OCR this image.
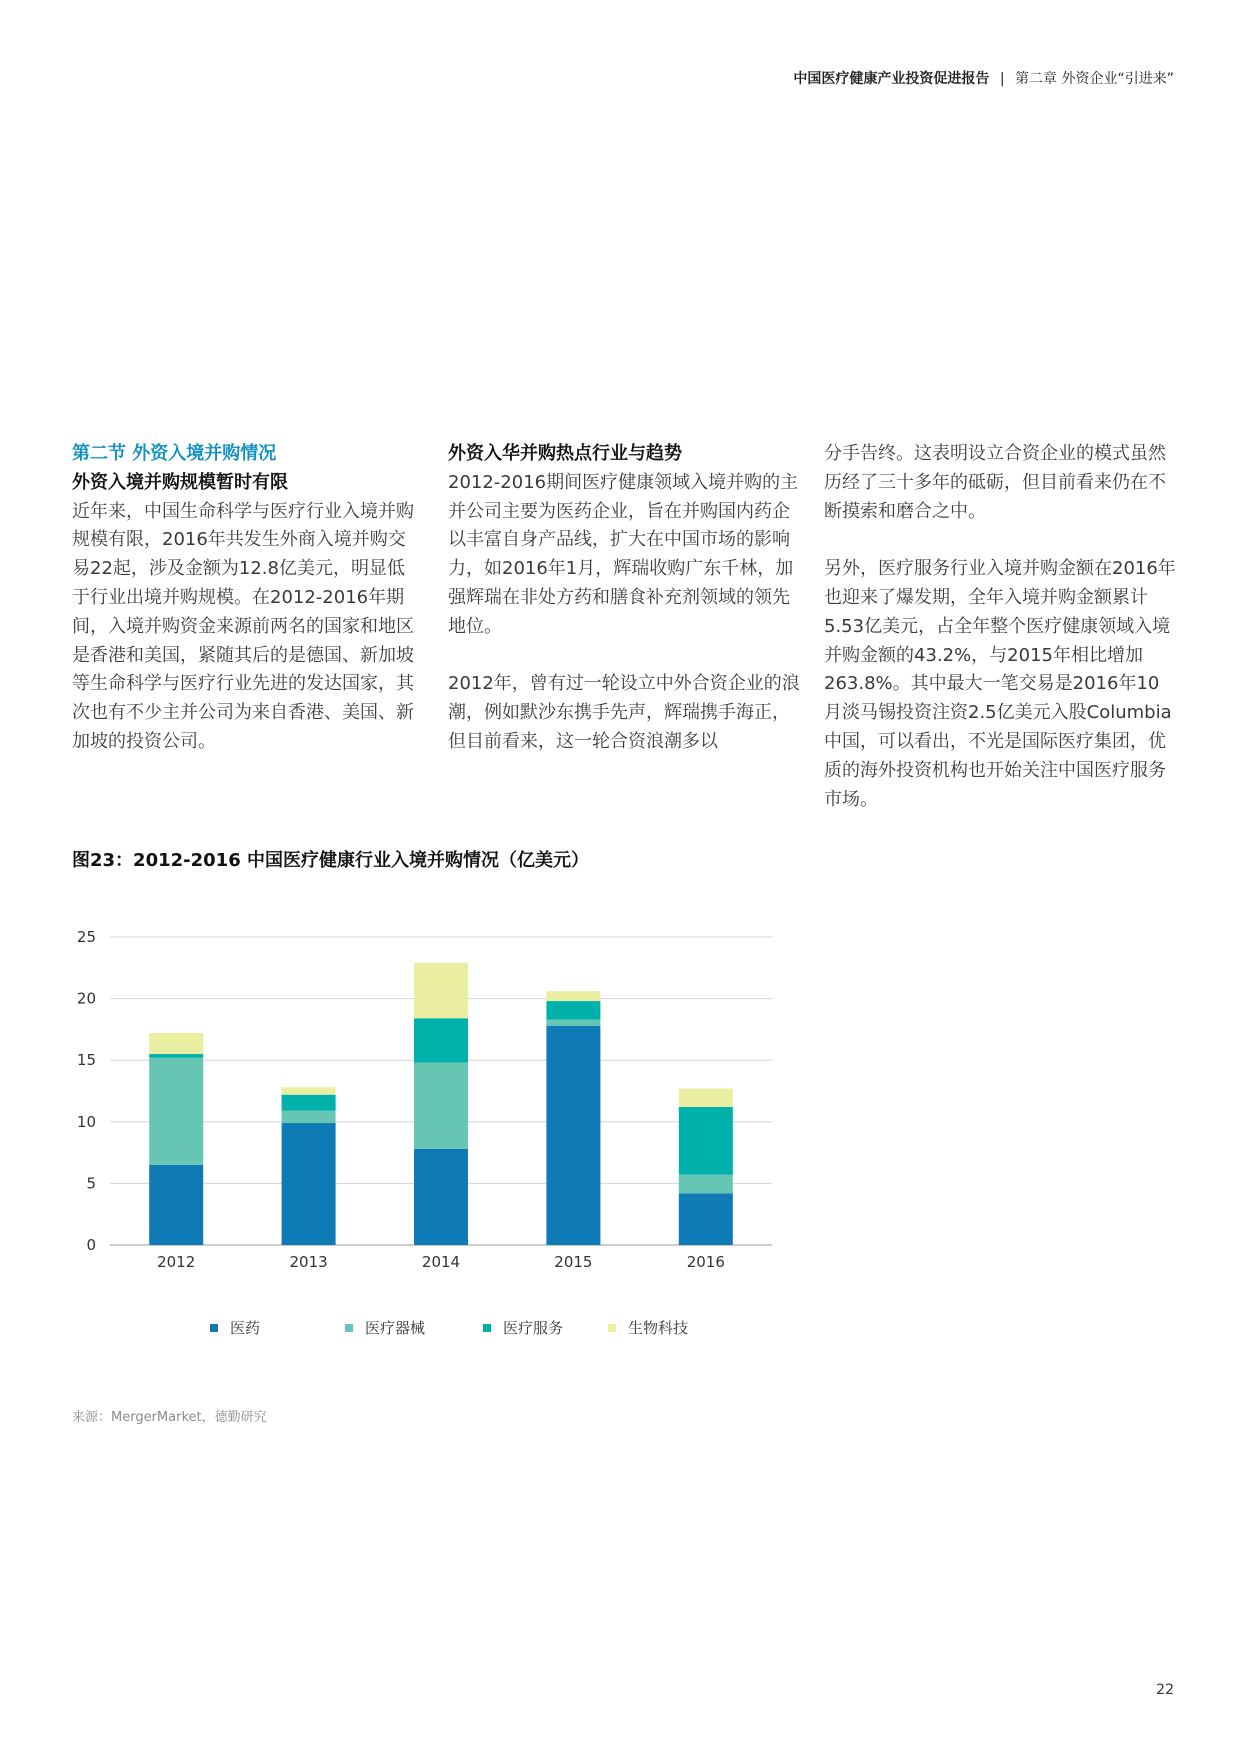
中国医疗健康产业投资促进报告 | 第二章 外资企业“引进来”

第二节 外资入境并购情况

外资入境并购规模暂时有限

近年来，中国生命科学与医疗行业入境并购规模有限，2016年共发生外商入境并购交易22起，涉及金额为12.8亿美元，明显低于行业出境并购规模。在2012-2016年期间，入境并购资金来源前两名的国家和地区是香港和美国，紧随其后的是德国、新加坡等生命科学与医疗行业先进的发达国家，其次也有不少主并公司为来自香港、美国、新加坡的投资公司。

外资入华并购热点行业与趋势

2012-2016期间医疗健康领域入境并购的主并公司主要为医药企业，旨在并购国内药企以丰富自身产品线，扩大在中国市场的影响力，如2016年1月，辉瑞收购广东千林，加强辉瑞在非处方药和膳食补充剂领域的领先地位。

2012年，曾有过一轮设立中外合资企业的浪潮，例如默沙东携手先声，辉瑞携手海正，但目前看来，这一轮合资浪潮多以

分手告终。这表明设立合资企业的模式虽然历经了三十多年的砥砺，但目前看来仍在不断摸索和磨合之中。

另外，医疗服务行业入境并购金额在2016年也迎来了爆发期，全年入境并购金额累计5.53亿美元，占全年整个医疗健康领域入境并购金额的43.2%，与2015年相比增加263.8%。其中最大一笔交易是2016年10月淡马锡投资注资2.5亿美元入股Columbia中国，可以看出，不光是国际医疗集团，优质的海外投资机构也开始关注中国医疗服务市场。

图23：2012-2016 中国医疗健康行业入境并购情况（亿美元）
0
5
10
15
20
25
2012	2013	2014	2015	2016
医药	医疗器械	医疗服务	生物科技
来源：MergerMarket，德勤研究
22
